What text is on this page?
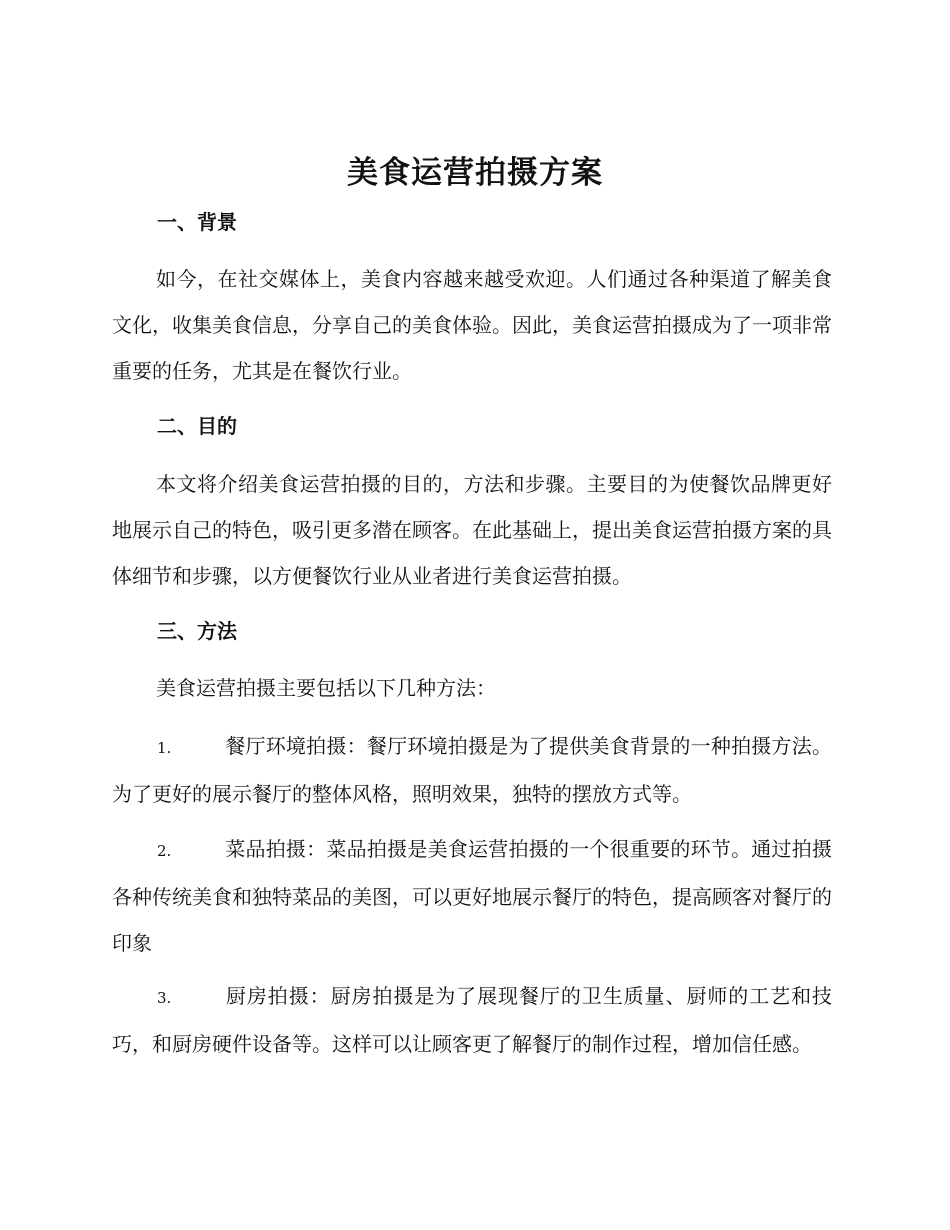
美食运营拍摄方案
一、背景

如今，在社交媒体上，美食内容越来越受欢迎。人们通过各种渠道了解美食文化，收集美食信息，分享自己的美食体验。因此，美食运营拍摄成为了一项非常重要的任务，尤其是在餐饮行业。

二、目的

本文将介绍美食运营拍摄的目的，方法和步骤。主要目的为使餐饮品牌更好地展示自己的特色，吸引更多潜在顾客。在此基础上，提出美食运营拍摄方案的具体细节和步骤，以方便餐饮行业从业者进行美食运营拍摄。

三、方法

美食运营拍摄主要包括以下几种方法：

1.	餐厅环境拍摄：餐厅环境拍摄是为了提供美食背景的一种拍摄方法。为了更好的展示餐厅的整体风格，照明效果，独特的摆放方式等。

2.	菜品拍摄：菜品拍摄是美食运营拍摄的一个很重要的环节。通过拍摄各种传统美食和独特菜品的美图，可以更好地展示餐厅的特色，提高顾客对餐厅的印象

3.	厨房拍摄：厨房拍摄是为了展现餐厅的卫生质量、厨师的工艺和技巧，和厨房硬件设备等。这样可以让顾客更了解餐厅的制作过程，增加信任感。
